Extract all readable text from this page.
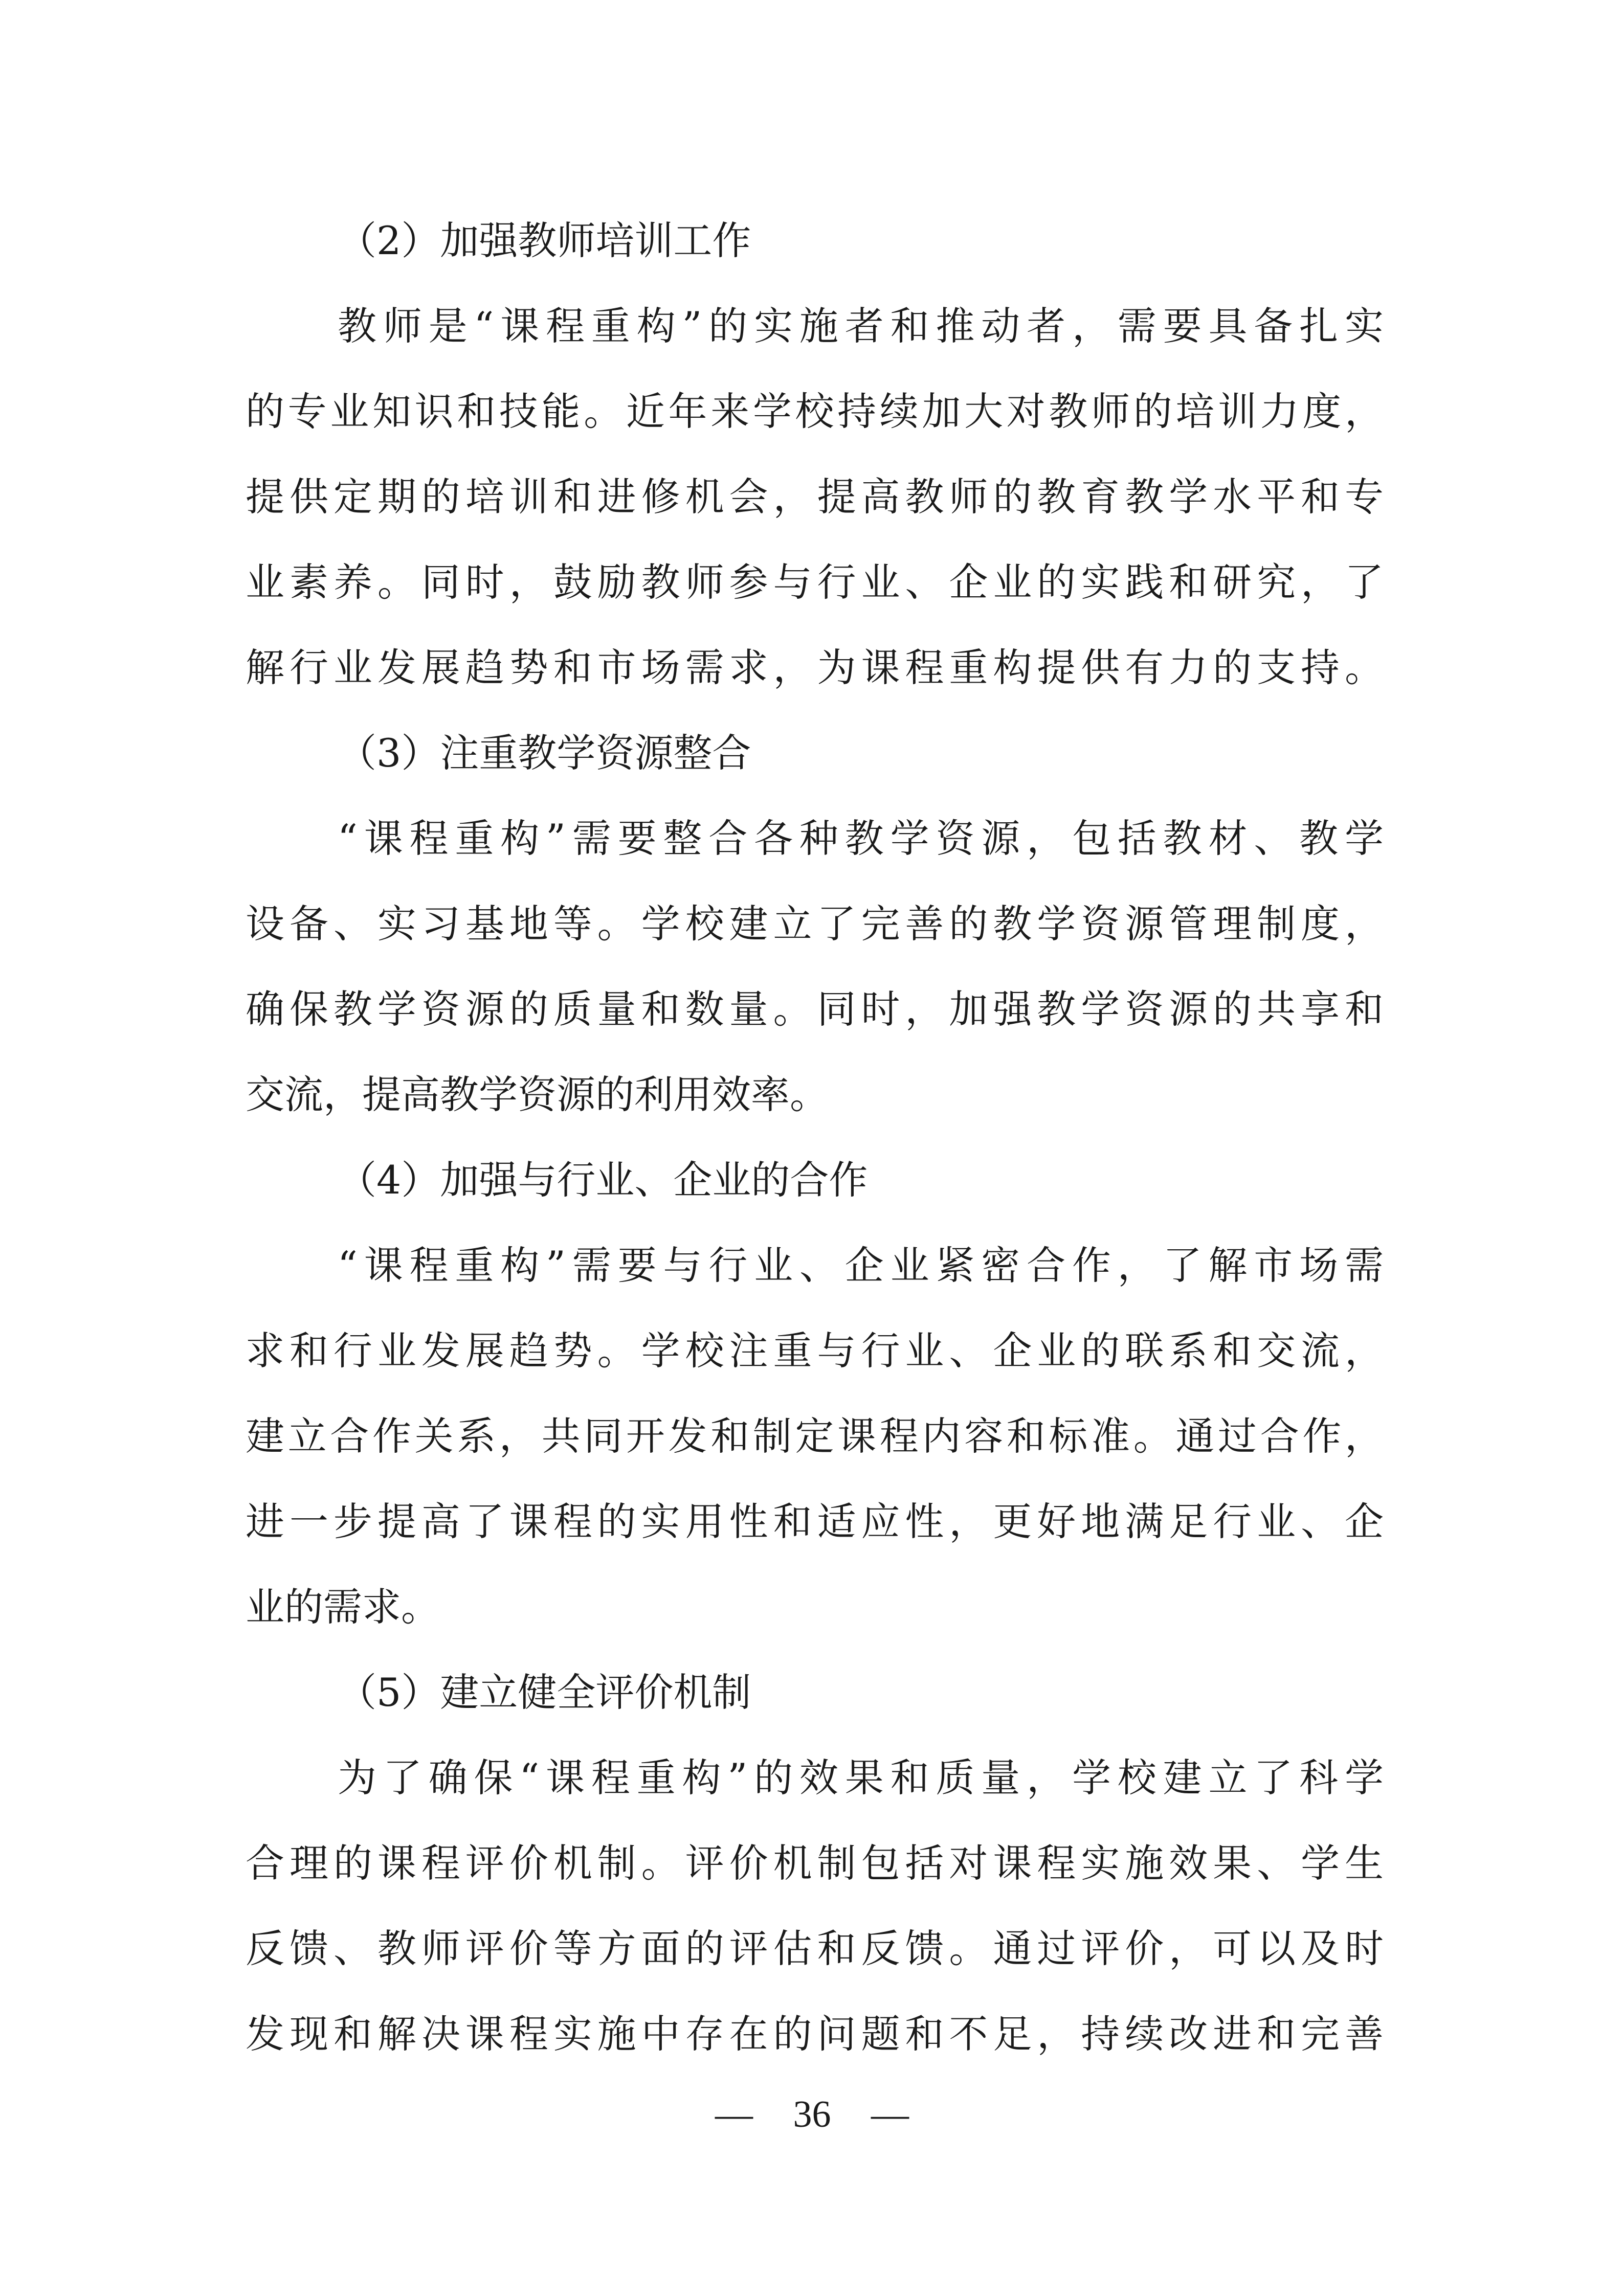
（2）加强教师培训工作
教师是“课程重构”的实施者和推动者，需要具备扎实
的专业知识和技能。近年来学校持续加大对教师的培训力度，
提供定期的培训和进修机会，提高教师的教育教学水平和专
业素养。同时，鼓励教师参与行业、企业的实践和研究，了
解行业发展趋势和市场需求，为课程重构提供有力的支持。
（3）注重教学资源整合
“课程重构”需要整合各种教学资源，包括教材、教学
设备、实习基地等。学校建立了完善的教学资源管理制度，
确保教学资源的质量和数量。同时，加强教学资源的共享和
交流，提高教学资源的利用效率。
（4）加强与行业、企业的合作
“课程重构”需要与行业、企业紧密合作，了解市场需
求和行业发展趋势。学校注重与行业、企业的联系和交流，
建立合作关系，共同开发和制定课程内容和标准。通过合作，
进一步提高了课程的实用性和适应性，更好地满足行业、企
业的需求。
（5）建立健全评价机制
为了确保“课程重构”的效果和质量，学校建立了科学
合理的课程评价机制。评价机制包括对课程实施效果、学生
反馈、教师评价等方面的评估和反馈。通过评价，可以及时
发现和解决课程实施中存在的问题和不足，持续改进和完善
— 36 —
